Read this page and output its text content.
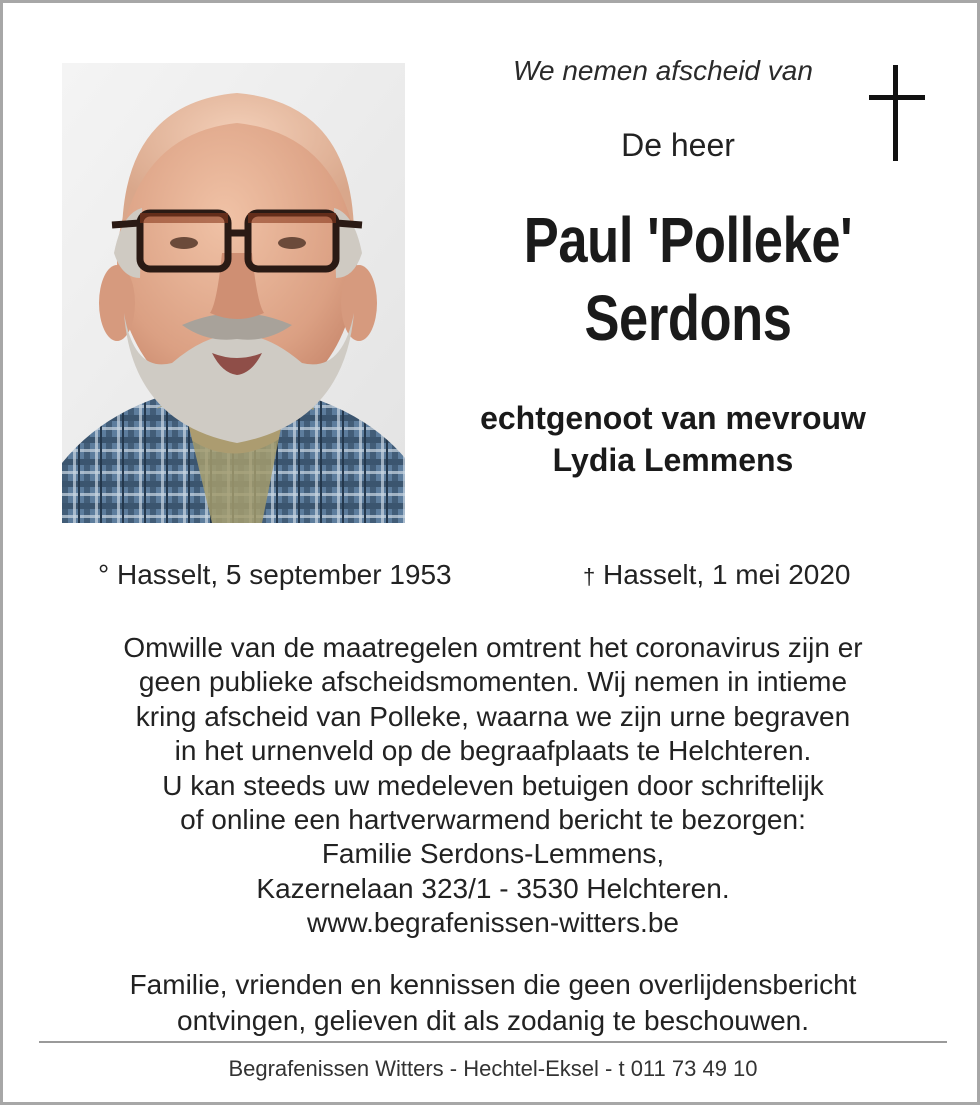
We nemen afscheid van
De heer
Paul 'Polleke'
Serdons
echtgenoot van mevrouw
Lydia Lemmens
° Hasselt, 5 september 1953	† Hasselt, 1 mei 2020
Omwille van de maatregelen omtrent het coronavirus zijn er
geen publieke afscheidsmomenten. Wij nemen in intieme
kring afscheid van Polleke, waarna we zijn urne begraven
in het urnenveld op de begraafplaats te Helchteren.
U kan steeds uw medeleven betuigen door schriftelijk
of online een hartverwarmend bericht te bezorgen:
Familie Serdons-Lemmens,
Kazernelaan 323/1 - 3530 Helchteren.
www.begrafenissen-witters.be
Familie, vrienden en kennissen die geen overlijdensbericht
ontvingen, gelieven dit als zodanig te beschouwen.
Begrafenissen Witters - Hechtel-Eksel - t 011 73 49 10
